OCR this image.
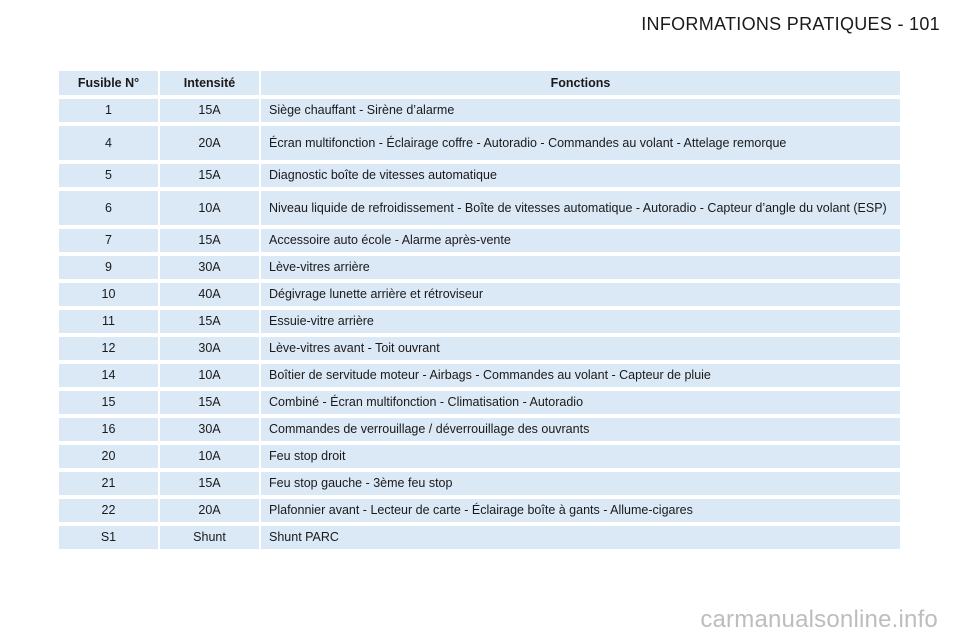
INFORMATIONS PRATIQUES - 101
Fusible N°	Intensité	Fonctions
1	15A	Siège chauffant - Sirène d’alarme
4	20A	Écran multifonction - Éclairage coffre - Autoradio - Commandes au volant - Attelage remorque
5	15A	Diagnostic boîte de vitesses automatique
6	10A	Niveau liquide de refroidissement - Boîte de vitesses automatique - Autoradio - Capteur d’angle du volant (ESP)
7	15A	Accessoire auto école - Alarme après-vente
9	30A	Lève-vitres arrière
10	40A	Dégivrage lunette arrière et rétroviseur
11	15A	Essuie-vitre arrière
12	30A	Lève-vitres avant - Toit ouvrant
14	10A	Boîtier de servitude moteur - Airbags - Commandes au volant - Capteur de pluie
15	15A	Combiné - Écran multifonction - Climatisation - Autoradio
16	30A	Commandes de verrouillage / déverrouillage des ouvrants
20	10A	Feu stop droit
21	15A	Feu stop gauche - 3ème feu stop
22	20A	Plafonnier avant - Lecteur de carte - Éclairage boîte à gants - Allume-cigares
S1	Shunt	Shunt PARC
carmanualsonline.info
